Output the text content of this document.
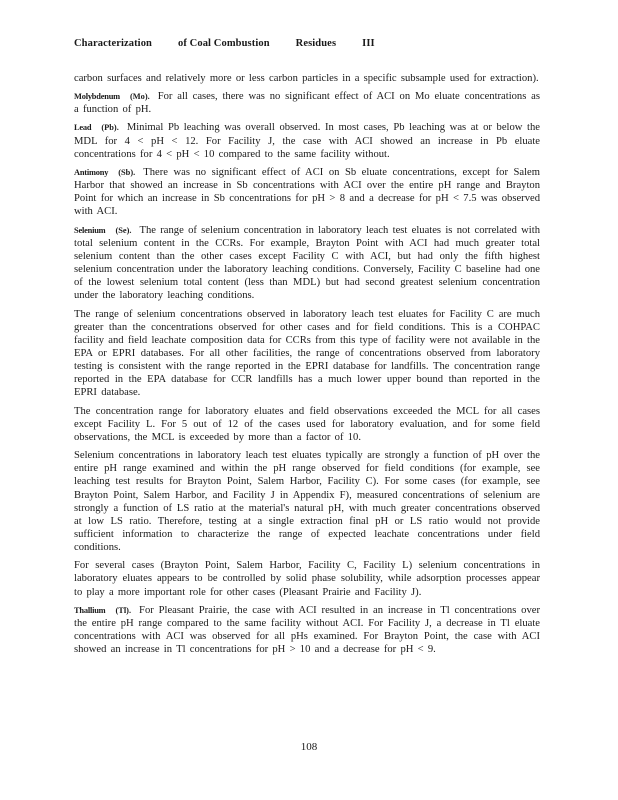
Characterization of Coal Combustion Residues III

carbon surfaces and relatively more or less carbon particles in a specific subsample used for extraction).

Molybdenum (Mo). For all cases, there was no significant effect of ACI on Mo eluate concentrations as a function of pH.

Lead (Pb). Minimal Pb leaching was overall observed. In most cases, Pb leaching was at or below the MDL for 4 < pH < 12. For Facility J, the case with ACI showed an increase in Pb eluate concentrations for 4 < pH < 10 compared to the same facility without.

Antimony (Sb). There was no significant effect of ACI on Sb eluate concentrations, except for Salem Harbor that showed an increase in Sb concentrations with ACI over the entire pH range and Brayton Point for which an increase in Sb concentrations for pH > 8 and a decrease for pH < 7.5 was observed with ACI.

Selenium (Se). The range of selenium concentration in laboratory leach test eluates is not correlated with total selenium content in the CCRs. For example, Brayton Point with ACI had much greater total selenium content than the other cases except Facility C with ACI, but had only the fifth highest selenium concentration under the laboratory leaching conditions. Conversely, Facility C baseline had one of the lowest selenium total content (less than MDL) but had second greatest selenium concentration under the laboratory leaching conditions.

The range of selenium concentrations observed in laboratory leach test eluates for Facility C are much greater than the concentrations observed for other cases and for field conditions. This is a COHPAC facility and field leachate composition data for CCRs from this type of facility were not available in the EPA or EPRI databases. For all other facilities, the range of concentrations observed from laboratory testing is consistent with the range reported in the EPRI database for landfills. The concentration range reported in the EPA database for CCR landfills has a much lower upper bound than reported in the EPRI database.

The concentration range for laboratory eluates and field observations exceeded the MCL for all cases except Facility L. For 5 out of 12 of the cases used for laboratory evaluation, and for some field observations, the MCL is exceeded by more than a factor of 10.

Selenium concentrations in laboratory leach test eluates typically are strongly a function of pH over the entire pH range examined and within the pH range observed for field conditions (for example, see leaching test results for Brayton Point, Salem Harbor, Facility C). For some cases (for example, see Brayton Point, Salem Harbor, and Facility J in Appendix F), measured concentrations of selenium are strongly a function of LS ratio at the material's natural pH, with much greater concentrations observed at low LS ratio. Therefore, testing at a single extraction final pH or LS ratio would not provide sufficient information to characterize the range of expected leachate concentrations under field conditions.

For several cases (Brayton Point, Salem Harbor, Facility C, Facility L) selenium concentrations in laboratory eluates appears to be controlled by solid phase solubility, while adsorption processes appear to play a more important role for other cases (Pleasant Prairie and Facility J).

Thallium (Tl). For Pleasant Prairie, the case with ACI resulted in an increase in Tl concentrations over the entire pH range compared to the same facility without ACI. For Facility J, a decrease in Tl eluate concentrations with ACI was observed for all pHs examined. For Brayton Point, the case with ACI showed an increase in Tl concentrations for pH > 10 and a decrease for pH < 9.

108
